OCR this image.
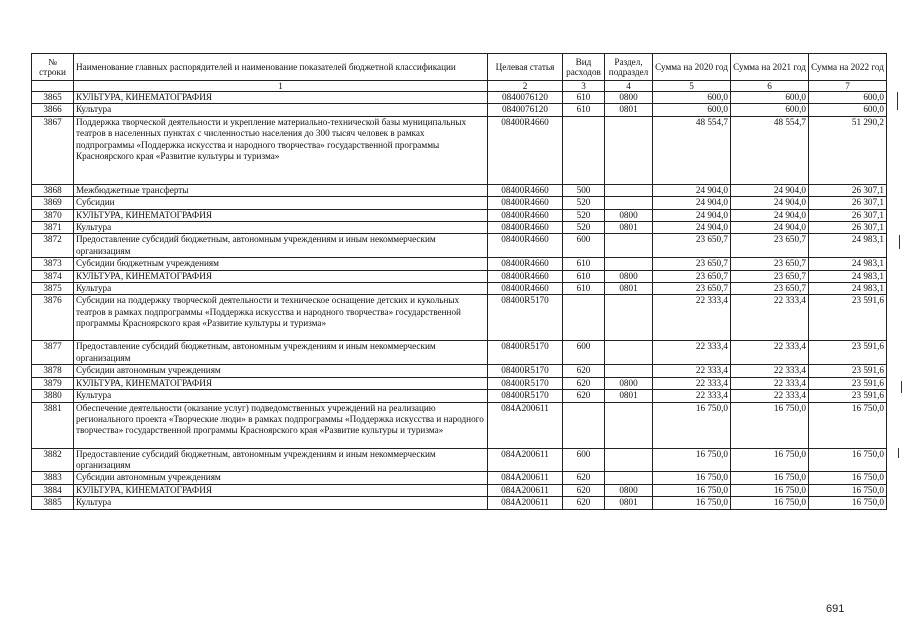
№ строки	Наименование главных распорядителей и наименование показателей бюджетной классификации	Целевая статья	Вид расходов	Раздел, подраздел	Сумма на 2020 год	Сумма на 2021 год	Сумма на 2022 год
	1	2	3	4	5	6	7
3865	КУЛЬТУРА, КИНЕМАТОГРАФИЯ	0840076120	610	0800	600,0	600,0	600,0
3866	Культура	0840076120	610	0801	600,0	600,0	600,0
3867	Поддержка творческой деятельности и укрепление материально-технической базы муниципальных театров в населенных пунктах с численностью населения до 300 тысяч человек в рамках подпрограммы «Поддержка искусства и народного творчества» государственной программы Красноярского края «Развитие культуры и туризма»	08400R4660			48 554,7	48 554,7	51 290,2
3868	Межбюджетные трансферты	08400R4660	500		24 904,0	24 904,0	26 307,1
3869	Субсидии	08400R4660	520		24 904,0	24 904,0	26 307,1
3870	КУЛЬТУРА, КИНЕМАТОГРАФИЯ	08400R4660	520	0800	24 904,0	24 904,0	26 307,1
3871	Культура	08400R4660	520	0801	24 904,0	24 904,0	26 307,1
3872	Предоставление субсидий бюджетным, автономным учреждениям и иным некоммерческим организациям	08400R4660	600		23 650,7	23 650,7	24 983,1
3873	Субсидии бюджетным учреждениям	08400R4660	610		23 650,7	23 650,7	24 983,1
3874	КУЛЬТУРА, КИНЕМАТОГРАФИЯ	08400R4660	610	0800	23 650,7	23 650,7	24 983,1
3875	Культура	08400R4660	610	0801	23 650,7	23 650,7	24 983,1
3876	Субсидии на поддержку творческой деятельности и техническое оснащение детских и кукольных театров в рамках подпрограммы «Поддержка искусства и народного творчества» государственной программы Красноярского края «Развитие культуры и туризма»	08400R5170			22 333,4	22 333,4	23 591,6
3877	Предоставление субсидий бюджетным, автономным учреждениям и иным некоммерческим организациям	08400R5170	600		22 333,4	22 333,4	23 591,6
3878	Субсидии автономным учреждениям	08400R5170	620		22 333,4	22 333,4	23 591,6
3879	КУЛЬТУРА, КИНЕМАТОГРАФИЯ	08400R5170	620	0800	22 333,4	22 333,4	23 591,6
3880	Культура	08400R5170	620	0801	22 333,4	22 333,4	23 591,6
3881	Обеспечение деятельности (оказание услуг) подведомственных учреждений на реализацию регионального проекта «Творческие люди» в рамках подпрограммы «Поддержка искусства и народного творчества» государственной программы Красноярского края «Развитие культуры и туризма»	084A200611			16 750,0	16 750,0	16 750,0
3882	Предоставление субсидий бюджетным, автономным учреждениям и иным некоммерческим организациям	084A200611	600		16 750,0	16 750,0	16 750,0
3883	Субсидии автономным учреждениям	084A200611	620		16 750,0	16 750,0	16 750,0
3884	КУЛЬТУРА, КИНЕМАТОГРАФИЯ	084A200611	620	0800	16 750,0	16 750,0	16 750,0
3885	Культура	084A200611	620	0801	16 750,0	16 750,0	16 750,0
691
